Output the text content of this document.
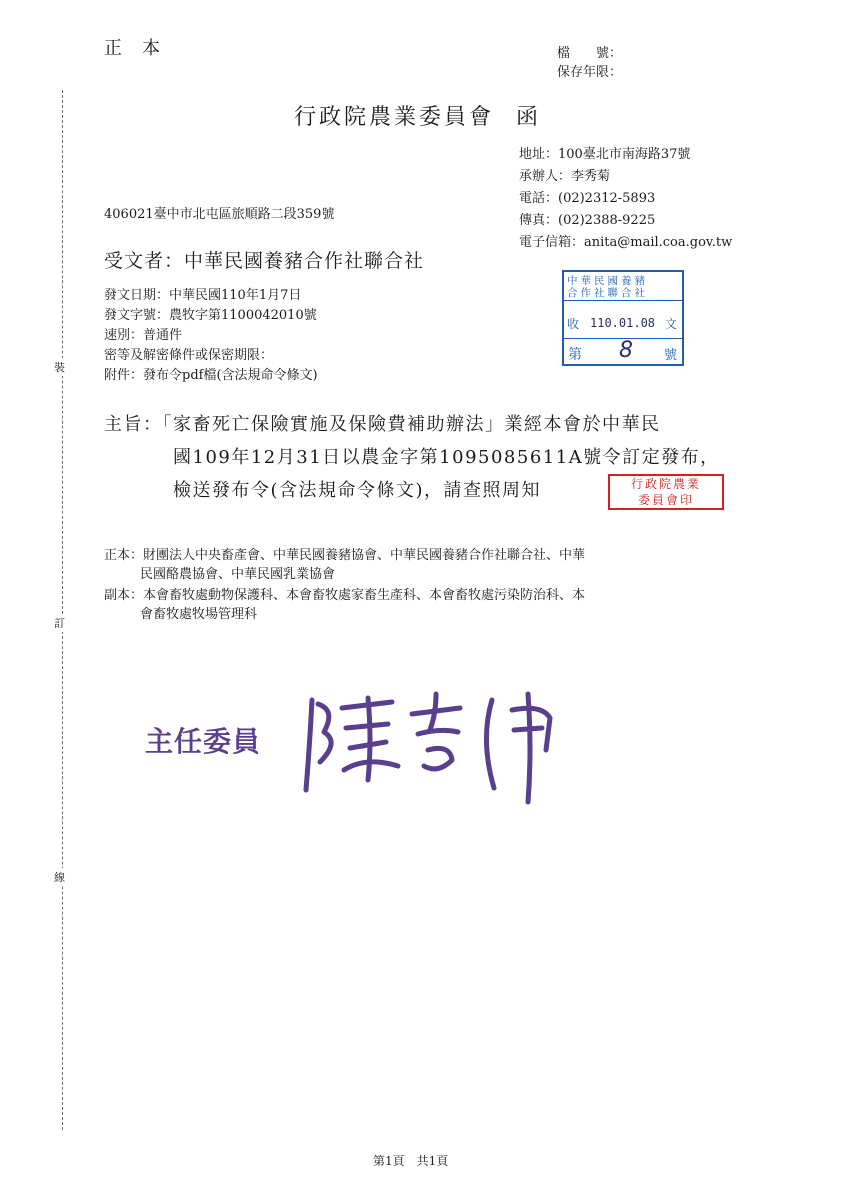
裝
訂
線
正本	檔　　號：
保存年限：
行政院農業委員會 函
地址：100臺北市南海路37號
承辦人：李秀菊
電話：(02)2312-5893
傳真：(02)2388-9225
電子信箱：anita@mail.coa.gov.tw
406021臺中市北屯區旅順路二段359號
受文者：中華民國養豬合作社聯合社
發文日期：中華民國110年1月7日
發文字號：農牧字第1100042010號
速別：普通件
密等及解密條件或保密期限：
附件：發布令pdf檔(含法規命令條文)
中華民國養豬
合作社聯合社
收 110.01.08 文
第 8 號
主旨：「家畜死亡保險實施及保險費補助辦法」業經本會於中華民
國109年12月31日以農金字第1095085611A號令訂定發布，
檢送發布令(含法規命令條文)，請查照周知	行政院農業
委員會印
正本：財團法人中央畜產會、中華民國養豬協會、中華民國養豬合作社聯合社、中華
民國酪農協會、中華民國乳業協會
副本：本會畜牧處動物保護科、本會畜牧處家畜生產科、本會畜牧處污染防治科、本
會畜牧處牧場管理科
主任委員
第1頁　共1頁
